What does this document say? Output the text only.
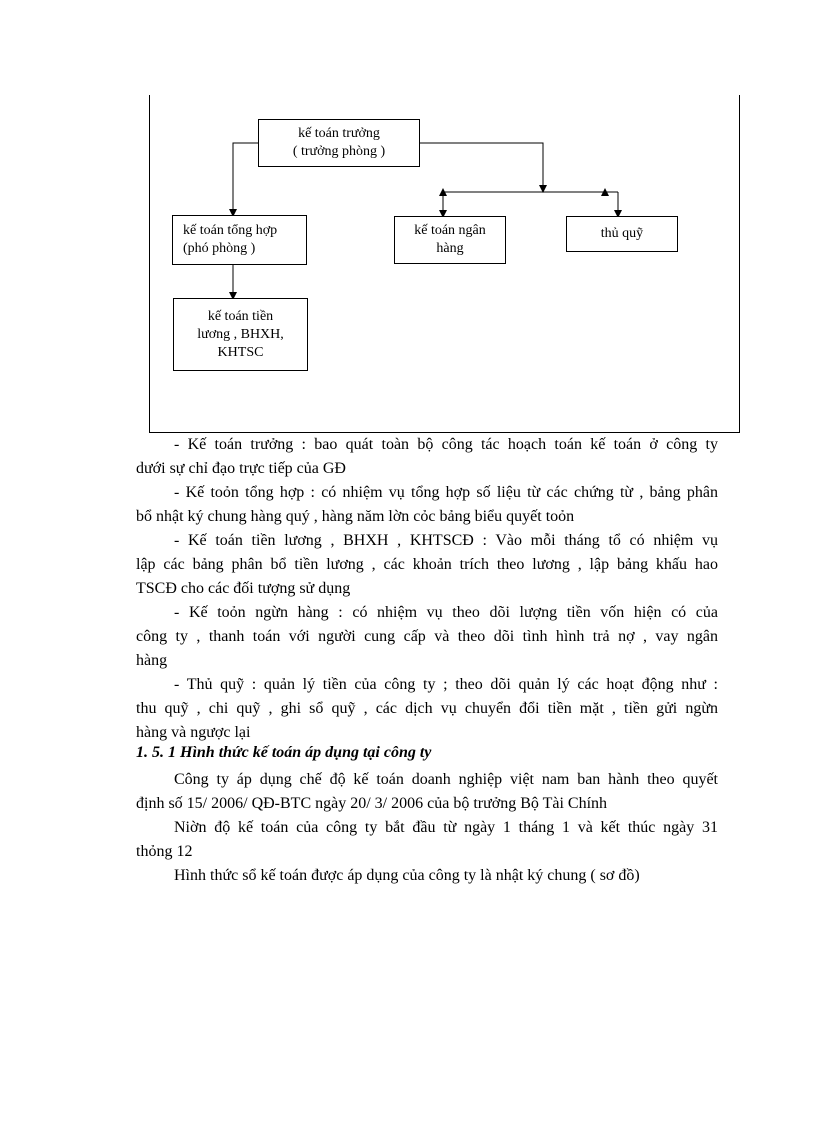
kế toán trưởng
( trưởng phòng )
kế toán tổng hợp
(phó phòng )
kế toán ngân
hàng
thủ quỹ
kế toán tiền
lương , BHXH,
KHTSC
- Kế toán trưởng : bao quát toàn bộ công tác hoạch toán kế toán ở công ty
dưới sự chỉ đạo trực tiếp của GĐ
- Kế toỏn tổng hợp : có nhiệm vụ tổng hợp số liệu từ các chứng từ , bảng phân
bổ nhật ký chung hàng quý , hàng năm lờn cỏc bảng biểu quyết toỏn
- Kế toán tiền lương , BHXH , KHTSCĐ : Vào mỗi tháng tổ có nhiệm vụ
lập các bảng phân bổ tiền lương , các khoản trích theo lương , lập bảng khấu hao
TSCĐ cho các đối tượng sử dụng
- Kế toỏn ngừn hàng : có nhiệm vụ theo dõi lượng tiền vốn hiện có của
công ty , thanh toán với người cung cấp và theo dõi tình hình trả nợ , vay ngân
hàng
- Thủ quỹ : quản lý tiền của công ty ; theo dõi quản lý các hoạt động như :
thu quỹ , chi quỹ , ghi sổ quỹ , các dịch vụ chuyển đổi tiền mặt , tiền gửi ngừn
hàng và ngược lại

1. 5. 1 Hình thức kế toán áp dụng tại công ty

Công ty áp dụng chế độ kế toán doanh nghiệp việt nam ban hành theo quyết
định số 15/ 2006/ QĐ-BTC ngày 20/ 3/ 2006 của bộ trưởng Bộ Tài Chính
Niờn độ kế toán của công ty bắt đầu từ ngày 1 tháng 1 và kết thúc ngày 31
thỏng 12
Hình thức sổ kế toán được áp dụng của công ty là nhật ký chung ( sơ đồ)
